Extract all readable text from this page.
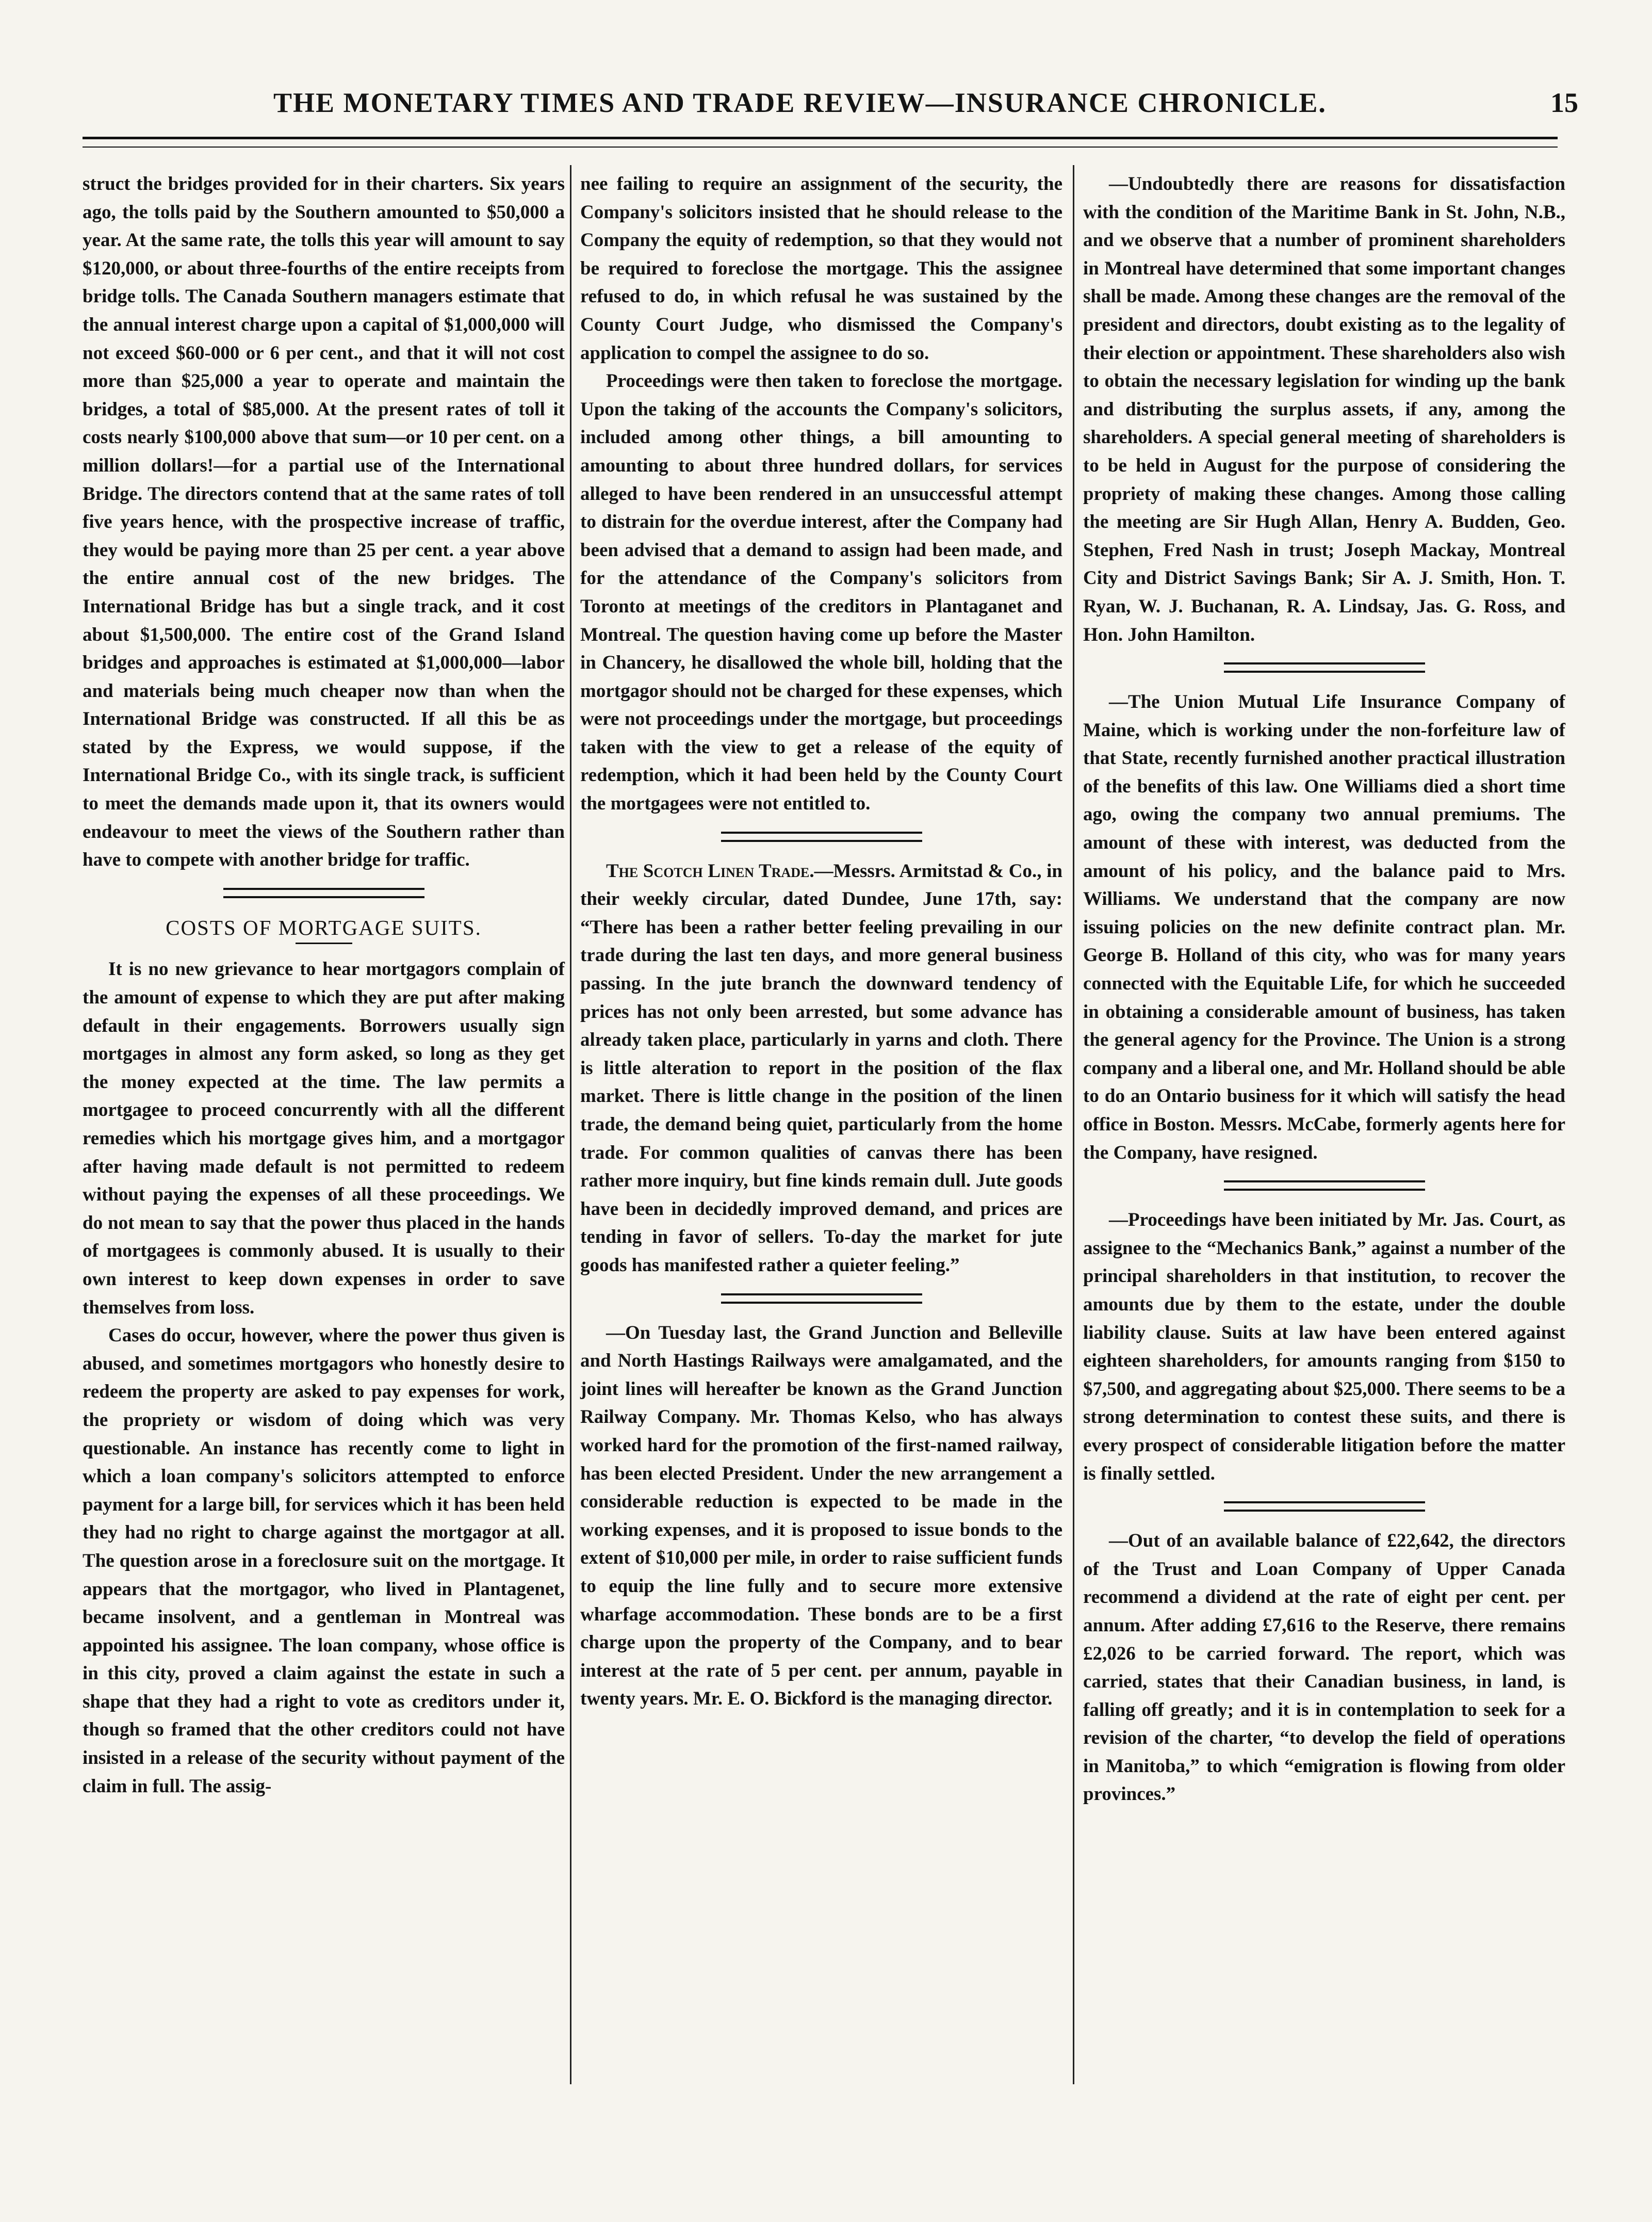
THE MONETARY TIMES AND TRADE REVIEW—INSURANCE CHRONICLE.	15

struct the bridges provided for in their charters. Six years ago, the tolls paid by the Southern amounted to $50,000 a year. At the same rate, the tolls this year will amount to say $120,000, or about three-fourths of the entire receipts from bridge tolls. The Canada Southern managers estimate that the annual interest charge upon a capital of $1,000,000 will not exceed $60-000 or 6 per cent., and that it will not cost more than $25,000 a year to operate and maintain the bridges, a total of $85,000. At the present rates of toll it costs nearly $100,000 above that sum—or 10 per cent. on a million dollars!—for a partial use of the International Bridge. The directors contend that at the same rates of toll five years hence, with the prospective increase of traffic, they would be paying more than 25 per cent. a year above the entire annual cost of the new bridges. The International Bridge has but a single track, and it cost about $1,500,000. The entire cost of the Grand Island bridges and approaches is estimated at $1,000,000—labor and materials being much cheaper now than when the International Bridge was constructed. If all this be as stated by the Express, we would suppose, if the International Bridge Co., with its single track, is sufficient to meet the demands made upon it, that its owners would endeavour to meet the views of the Southern rather than have to compete with another bridge for traffic.

COSTS OF MORTGAGE SUITS.

It is no new grievance to hear mortgagors complain of the amount of expense to which they are put after making default in their engagements. Borrowers usually sign mortgages in almost any form asked, so long as they get the money expected at the time. The law permits a mortgagee to proceed concurrently with all the different remedies which his mortgage gives him, and a mortgagor after having made default is not permitted to redeem without paying the expenses of all these proceedings. We do not mean to say that the power thus placed in the hands of mortgagees is commonly abused. It is usually to their own interest to keep down expenses in order to save themselves from loss.

Cases do occur, however, where the power thus given is abused, and sometimes mortgagors who honestly desire to redeem the property are asked to pay expenses for work, the propriety or wisdom of doing which was very questionable. An instance has recently come to light in which a loan company's solicitors attempted to enforce payment for a large bill, for services which it has been held they had no right to charge against the mortgagor at all. The question arose in a foreclosure suit on the mortgage. It appears that the mortgagor, who lived in Plantagenet, became insolvent, and a gentleman in Montreal was appointed his assignee. The loan company, whose office is in this city, proved a claim against the estate in such a shape that they had a right to vote as creditors under it, though so framed that the other creditors could not have insisted in a release of the security without payment of the claim in full. The assig-

nee failing to require an assignment of the security, the Company's solicitors insisted that he should release to the Company the equity of redemption, so that they would not be required to foreclose the mortgage. This the assignee refused to do, in which refusal he was sustained by the County Court Judge, who dismissed the Company's application to compel the assignee to do so.

Proceedings were then taken to foreclose the mortgage. Upon the taking of the accounts the Company's solicitors, included among other things, a bill amounting to amounting to about three hundred dollars, for services alleged to have been rendered in an unsuccessful attempt to distrain for the overdue interest, after the Company had been advised that a demand to assign had been made, and for the attendance of the Company's solicitors from Toronto at meetings of the creditors in Plantaganet and Montreal. The question having come up before the Master in Chancery, he disallowed the whole bill, holding that the mortgagor should not be charged for these expenses, which were not proceedings under the mortgage, but proceedings taken with the view to get a release of the equity of redemption, which it had been held by the County Court the mortgagees were not entitled to.

The Scotch Linen Trade.—Messrs. Armitstad & Co., in their weekly circular, dated Dundee, June 17th, say: “There has been a rather better feeling prevailing in our trade during the last ten days, and more general business passing. In the jute branch the downward tendency of prices has not only been arrested, but some advance has already taken place, particularly in yarns and cloth. There is little alteration to report in the position of the flax market. There is little change in the position of the linen trade, the demand being quiet, particularly from the home trade. For common qualities of canvas there has been rather more inquiry, but fine kinds remain dull. Jute goods have been in decidedly improved demand, and prices are tending in favor of sellers. To-day the market for jute goods has manifested rather a quieter feeling.”

—On Tuesday last, the Grand Junction and Belleville and North Hastings Railways were amalgamated, and the joint lines will hereafter be known as the Grand Junction Railway Company. Mr. Thomas Kelso, who has always worked hard for the promotion of the first-named railway, has been elected President. Under the new arrangement a considerable reduction is expected to be made in the working expenses, and it is proposed to issue bonds to the extent of $10,000 per mile, in order to raise sufficient funds to equip the line fully and to secure more extensive wharfage accommodation. These bonds are to be a first charge upon the property of the Company, and to bear interest at the rate of 5 per cent. per annum, payable in twenty years. Mr. E. O. Bickford is the managing director.

—Undoubtedly there are reasons for dissatisfaction with the condition of the Maritime Bank in St. John, N.B., and we observe that a number of prominent shareholders in Montreal have determined that some important changes shall be made. Among these changes are the removal of the president and directors, doubt existing as to the legality of their election or appointment. These shareholders also wish to obtain the necessary legislation for winding up the bank and distributing the surplus assets, if any, among the shareholders. A special general meeting of shareholders is to be held in August for the purpose of considering the propriety of making these changes. Among those calling the meeting are Sir Hugh Allan, Henry A. Budden, Geo. Stephen, Fred Nash in trust; Joseph Mackay, Montreal City and District Savings Bank; Sir A. J. Smith, Hon. T. Ryan, W. J. Buchanan, R. A. Lindsay, Jas. G. Ross, and Hon. John Hamilton.

—The Union Mutual Life Insurance Company of Maine, which is working under the non-forfeiture law of that State, recently furnished another practical illustration of the benefits of this law. One Williams died a short time ago, owing the company two annual premiums. The amount of these with interest, was deducted from the amount of his policy, and the balance paid to Mrs. Williams. We understand that the company are now issuing policies on the new definite contract plan. Mr. George B. Holland of this city, who was for many years connected with the Equitable Life, for which he succeeded in obtaining a considerable amount of business, has taken the general agency for the Province. The Union is a strong company and a liberal one, and Mr. Holland should be able to do an Ontario business for it which will satisfy the head office in Boston. Messrs. McCabe, formerly agents here for the Company, have resigned.

—Proceedings have been initiated by Mr. Jas. Court, as assignee to the “Mechanics Bank,” against a number of the principal shareholders in that institution, to recover the amounts due by them to the estate, under the double liability clause. Suits at law have been entered against eighteen shareholders, for amounts ranging from $150 to $7,500, and aggregating about $25,000. There seems to be a strong determination to contest these suits, and there is every prospect of considerable litigation before the matter is finally settled.

—Out of an available balance of £22,642, the directors of the Trust and Loan Company of Upper Canada recommend a dividend at the rate of eight per cent. per annum. After adding £7,616 to the Reserve, there remains £2,026 to be carried forward. The report, which was carried, states that their Canadian business, in land, is falling off greatly; and it is in contemplation to seek for a revision of the charter, “to develop the field of operations in Manitoba,” to which “emigration is flowing from older provinces.”
